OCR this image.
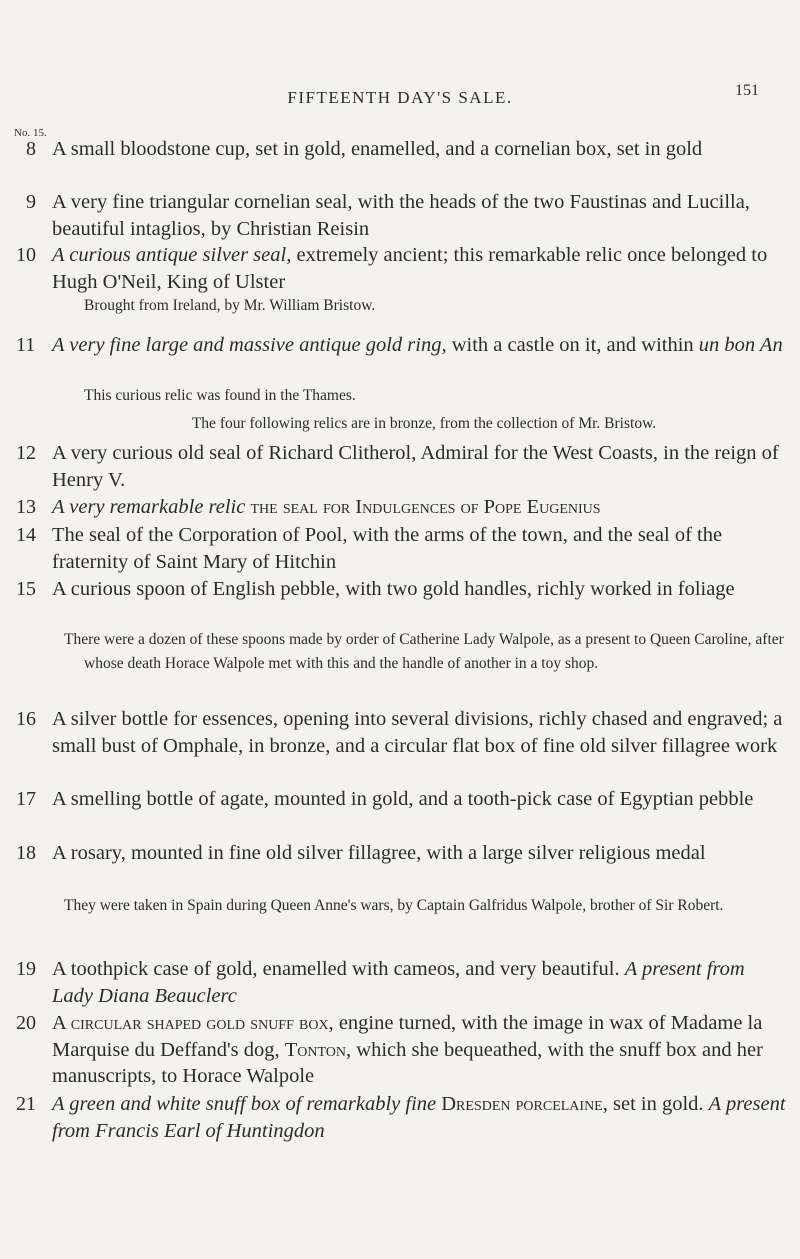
FIFTEENTH DAY'S SALE.	151
No. 15.
8 A small bloodstone cup, set in gold, enamelled, and a cornelian box, set in gold
9 A very fine triangular cornelian seal, with the heads of the two Faustinas and Lucilla, beautiful intaglios, by Christian Reisin
10 A curious antique silver seal, extremely ancient; this remarkable relic once belonged to Hugh O'Neil, King of Ulster
Brought from Ireland, by Mr. William Bristow.
11 A very fine large and massive antique gold ring, with a castle on it, and within un bon An
This curious relic was found in the Thames.
The four following relics are in bronze, from the collection of Mr. Bristow.
12 A very curious old seal of Richard Clitherol, Admiral for the West Coasts, in the reign of Henry V.
13 A very remarkable relic the seal for Indulgences of Pope Eugenius
14 The seal of the Corporation of Pool, with the arms of the town, and the seal of the fraternity of Saint Mary of Hitchin
15 A curious spoon of English pebble, with two gold handles, richly worked in foliage
There were a dozen of these spoons made by order of Catherine Lady Walpole, as a present to Queen Caroline, after whose death Horace Walpole met with this and the handle of another in a toy shop.
16 A silver bottle for essences, opening into several divisions, richly chased and engraved; a small bust of Omphale, in bronze, and a circular flat box of fine old silver fillagree work
17 A smelling bottle of agate, mounted in gold, and a tooth-pick case of Egyptian pebble
18 A rosary, mounted in fine old silver fillagree, with a large silver religious medal
They were taken in Spain during Queen Anne's wars, by Captain Galfridus Walpole, brother of Sir Robert.
19 A toothpick case of gold, enamelled with cameos, and very beautiful. A present from Lady Diana Beauclerc
20 A circular shaped gold snuff box, engine turned, with the image in wax of Madame la Marquise du Deffand's dog, Tonton, which she bequeathed, with the snuff box and her manuscripts, to Horace Walpole
21 A green and white snuff box of remarkably fine Dresden porcelaine, set in gold. A present from Francis Earl of Huntingdon
